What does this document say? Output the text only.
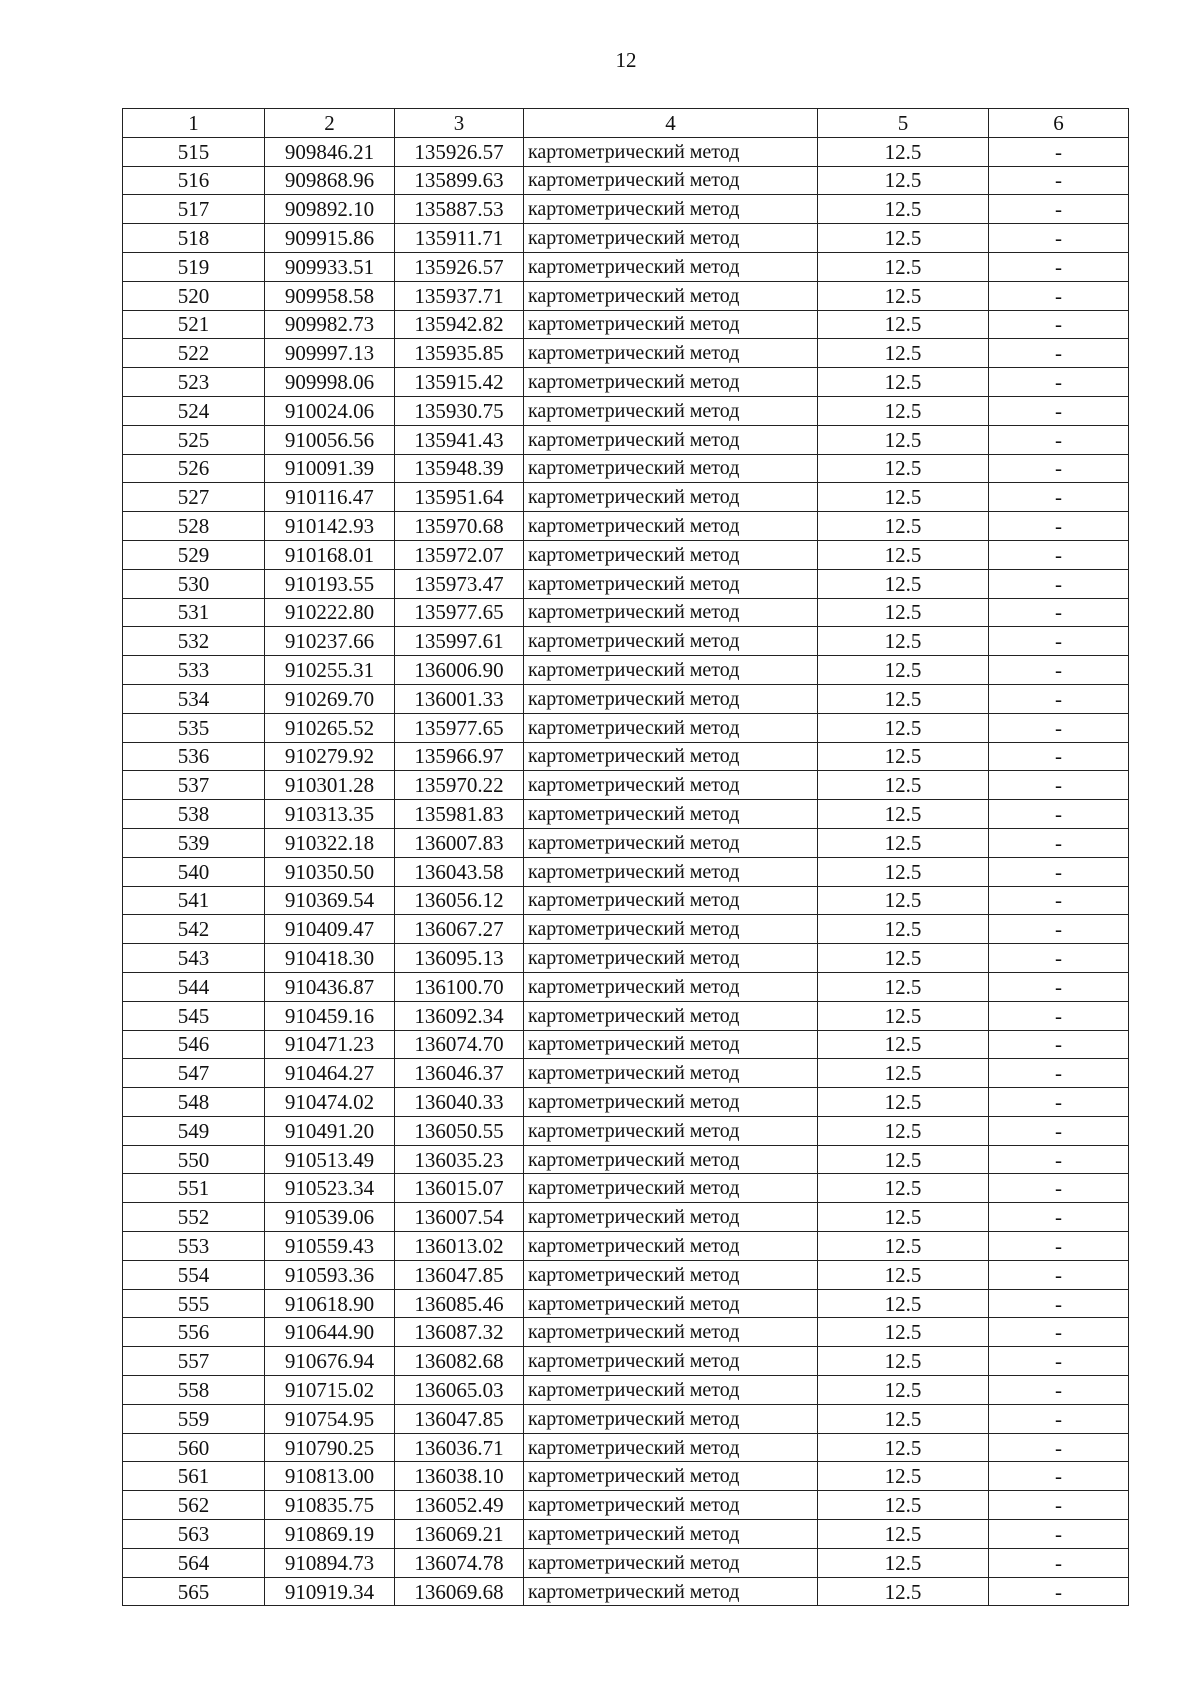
12
1	2	3	4	5	6
515	909846.21	135926.57	картометрический метод	12.5	-
516	909868.96	135899.63	картометрический метод	12.5	-
517	909892.10	135887.53	картометрический метод	12.5	-
518	909915.86	135911.71	картометрический метод	12.5	-
519	909933.51	135926.57	картометрический метод	12.5	-
520	909958.58	135937.71	картометрический метод	12.5	-
521	909982.73	135942.82	картометрический метод	12.5	-
522	909997.13	135935.85	картометрический метод	12.5	-
523	909998.06	135915.42	картометрический метод	12.5	-
524	910024.06	135930.75	картометрический метод	12.5	-
525	910056.56	135941.43	картометрический метод	12.5	-
526	910091.39	135948.39	картометрический метод	12.5	-
527	910116.47	135951.64	картометрический метод	12.5	-
528	910142.93	135970.68	картометрический метод	12.5	-
529	910168.01	135972.07	картометрический метод	12.5	-
530	910193.55	135973.47	картометрический метод	12.5	-
531	910222.80	135977.65	картометрический метод	12.5	-
532	910237.66	135997.61	картометрический метод	12.5	-
533	910255.31	136006.90	картометрический метод	12.5	-
534	910269.70	136001.33	картометрический метод	12.5	-
535	910265.52	135977.65	картометрический метод	12.5	-
536	910279.92	135966.97	картометрический метод	12.5	-
537	910301.28	135970.22	картометрический метод	12.5	-
538	910313.35	135981.83	картометрический метод	12.5	-
539	910322.18	136007.83	картометрический метод	12.5	-
540	910350.50	136043.58	картометрический метод	12.5	-
541	910369.54	136056.12	картометрический метод	12.5	-
542	910409.47	136067.27	картометрический метод	12.5	-
543	910418.30	136095.13	картометрический метод	12.5	-
544	910436.87	136100.70	картометрический метод	12.5	-
545	910459.16	136092.34	картометрический метод	12.5	-
546	910471.23	136074.70	картометрический метод	12.5	-
547	910464.27	136046.37	картометрический метод	12.5	-
548	910474.02	136040.33	картометрический метод	12.5	-
549	910491.20	136050.55	картометрический метод	12.5	-
550	910513.49	136035.23	картометрический метод	12.5	-
551	910523.34	136015.07	картометрический метод	12.5	-
552	910539.06	136007.54	картометрический метод	12.5	-
553	910559.43	136013.02	картометрический метод	12.5	-
554	910593.36	136047.85	картометрический метод	12.5	-
555	910618.90	136085.46	картометрический метод	12.5	-
556	910644.90	136087.32	картометрический метод	12.5	-
557	910676.94	136082.68	картометрический метод	12.5	-
558	910715.02	136065.03	картометрический метод	12.5	-
559	910754.95	136047.85	картометрический метод	12.5	-
560	910790.25	136036.71	картометрический метод	12.5	-
561	910813.00	136038.10	картометрический метод	12.5	-
562	910835.75	136052.49	картометрический метод	12.5	-
563	910869.19	136069.21	картометрический метод	12.5	-
564	910894.73	136074.78	картометрический метод	12.5	-
565	910919.34	136069.68	картометрический метод	12.5	-
